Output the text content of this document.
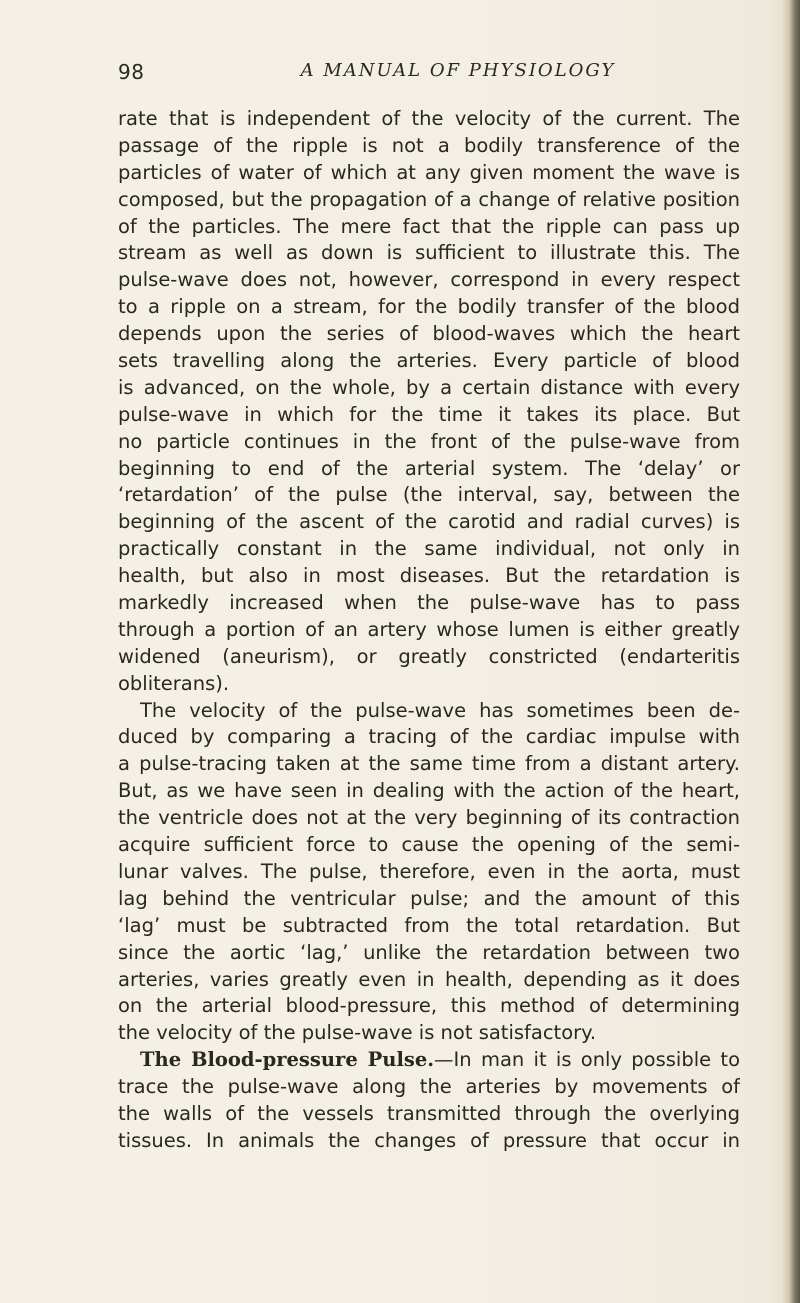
98	A MANUAL OF PHYSIOLOGY
rate that is independent of the velocity of the current. The
passage of the ripple is not a bodily transference of the
particles of water of which at any given moment the wave is
composed, but the propagation of a change of relative position
of the particles. The mere fact that the ripple can pass up
stream as well as down is sufficient to illustrate this. The
pulse-wave does not, however, correspond in every respect
to a ripple on a stream, for the bodily transfer of the blood
depends upon the series of blood-waves which the heart
sets travelling along the arteries. Every particle of blood
is advanced, on the whole, by a certain distance with every
pulse-wave in which for the time it takes its place. But
no particle continues in the front of the pulse-wave from
beginning to end of the arterial system. The ‘delay’ or
‘retardation’ of the pulse (the interval, say, between the
beginning of the ascent of the carotid and radial curves) is
practically constant in the same individual, not only in
health, but also in most diseases. But the retardation is
markedly increased when the pulse-wave has to pass
through a portion of an artery whose lumen is either greatly
widened (aneurism), or greatly constricted (endarteritis
obliterans).
The velocity of the pulse-wave has sometimes been de-
duced by comparing a tracing of the cardiac impulse with
a pulse-tracing taken at the same time from a distant artery.
But, as we have seen in dealing with the action of the heart,
the ventricle does not at the very beginning of its contraction
acquire sufficient force to cause the opening of the semi-
lunar valves. The pulse, therefore, even in the aorta, must
lag behind the ventricular pulse; and the amount of this
‘lag’ must be subtracted from the total retardation. But
since the aortic ‘lag,’ unlike the retardation between two
arteries, varies greatly even in health, depending as it does
on the arterial blood-pressure, this method of determining
the velocity of the pulse-wave is not satisfactory.
The Blood-pressure Pulse.—In man it is only possible to
trace the pulse-wave along the arteries by movements of
the walls of the vessels transmitted through the overlying
tissues. In animals the changes of pressure that occur in
